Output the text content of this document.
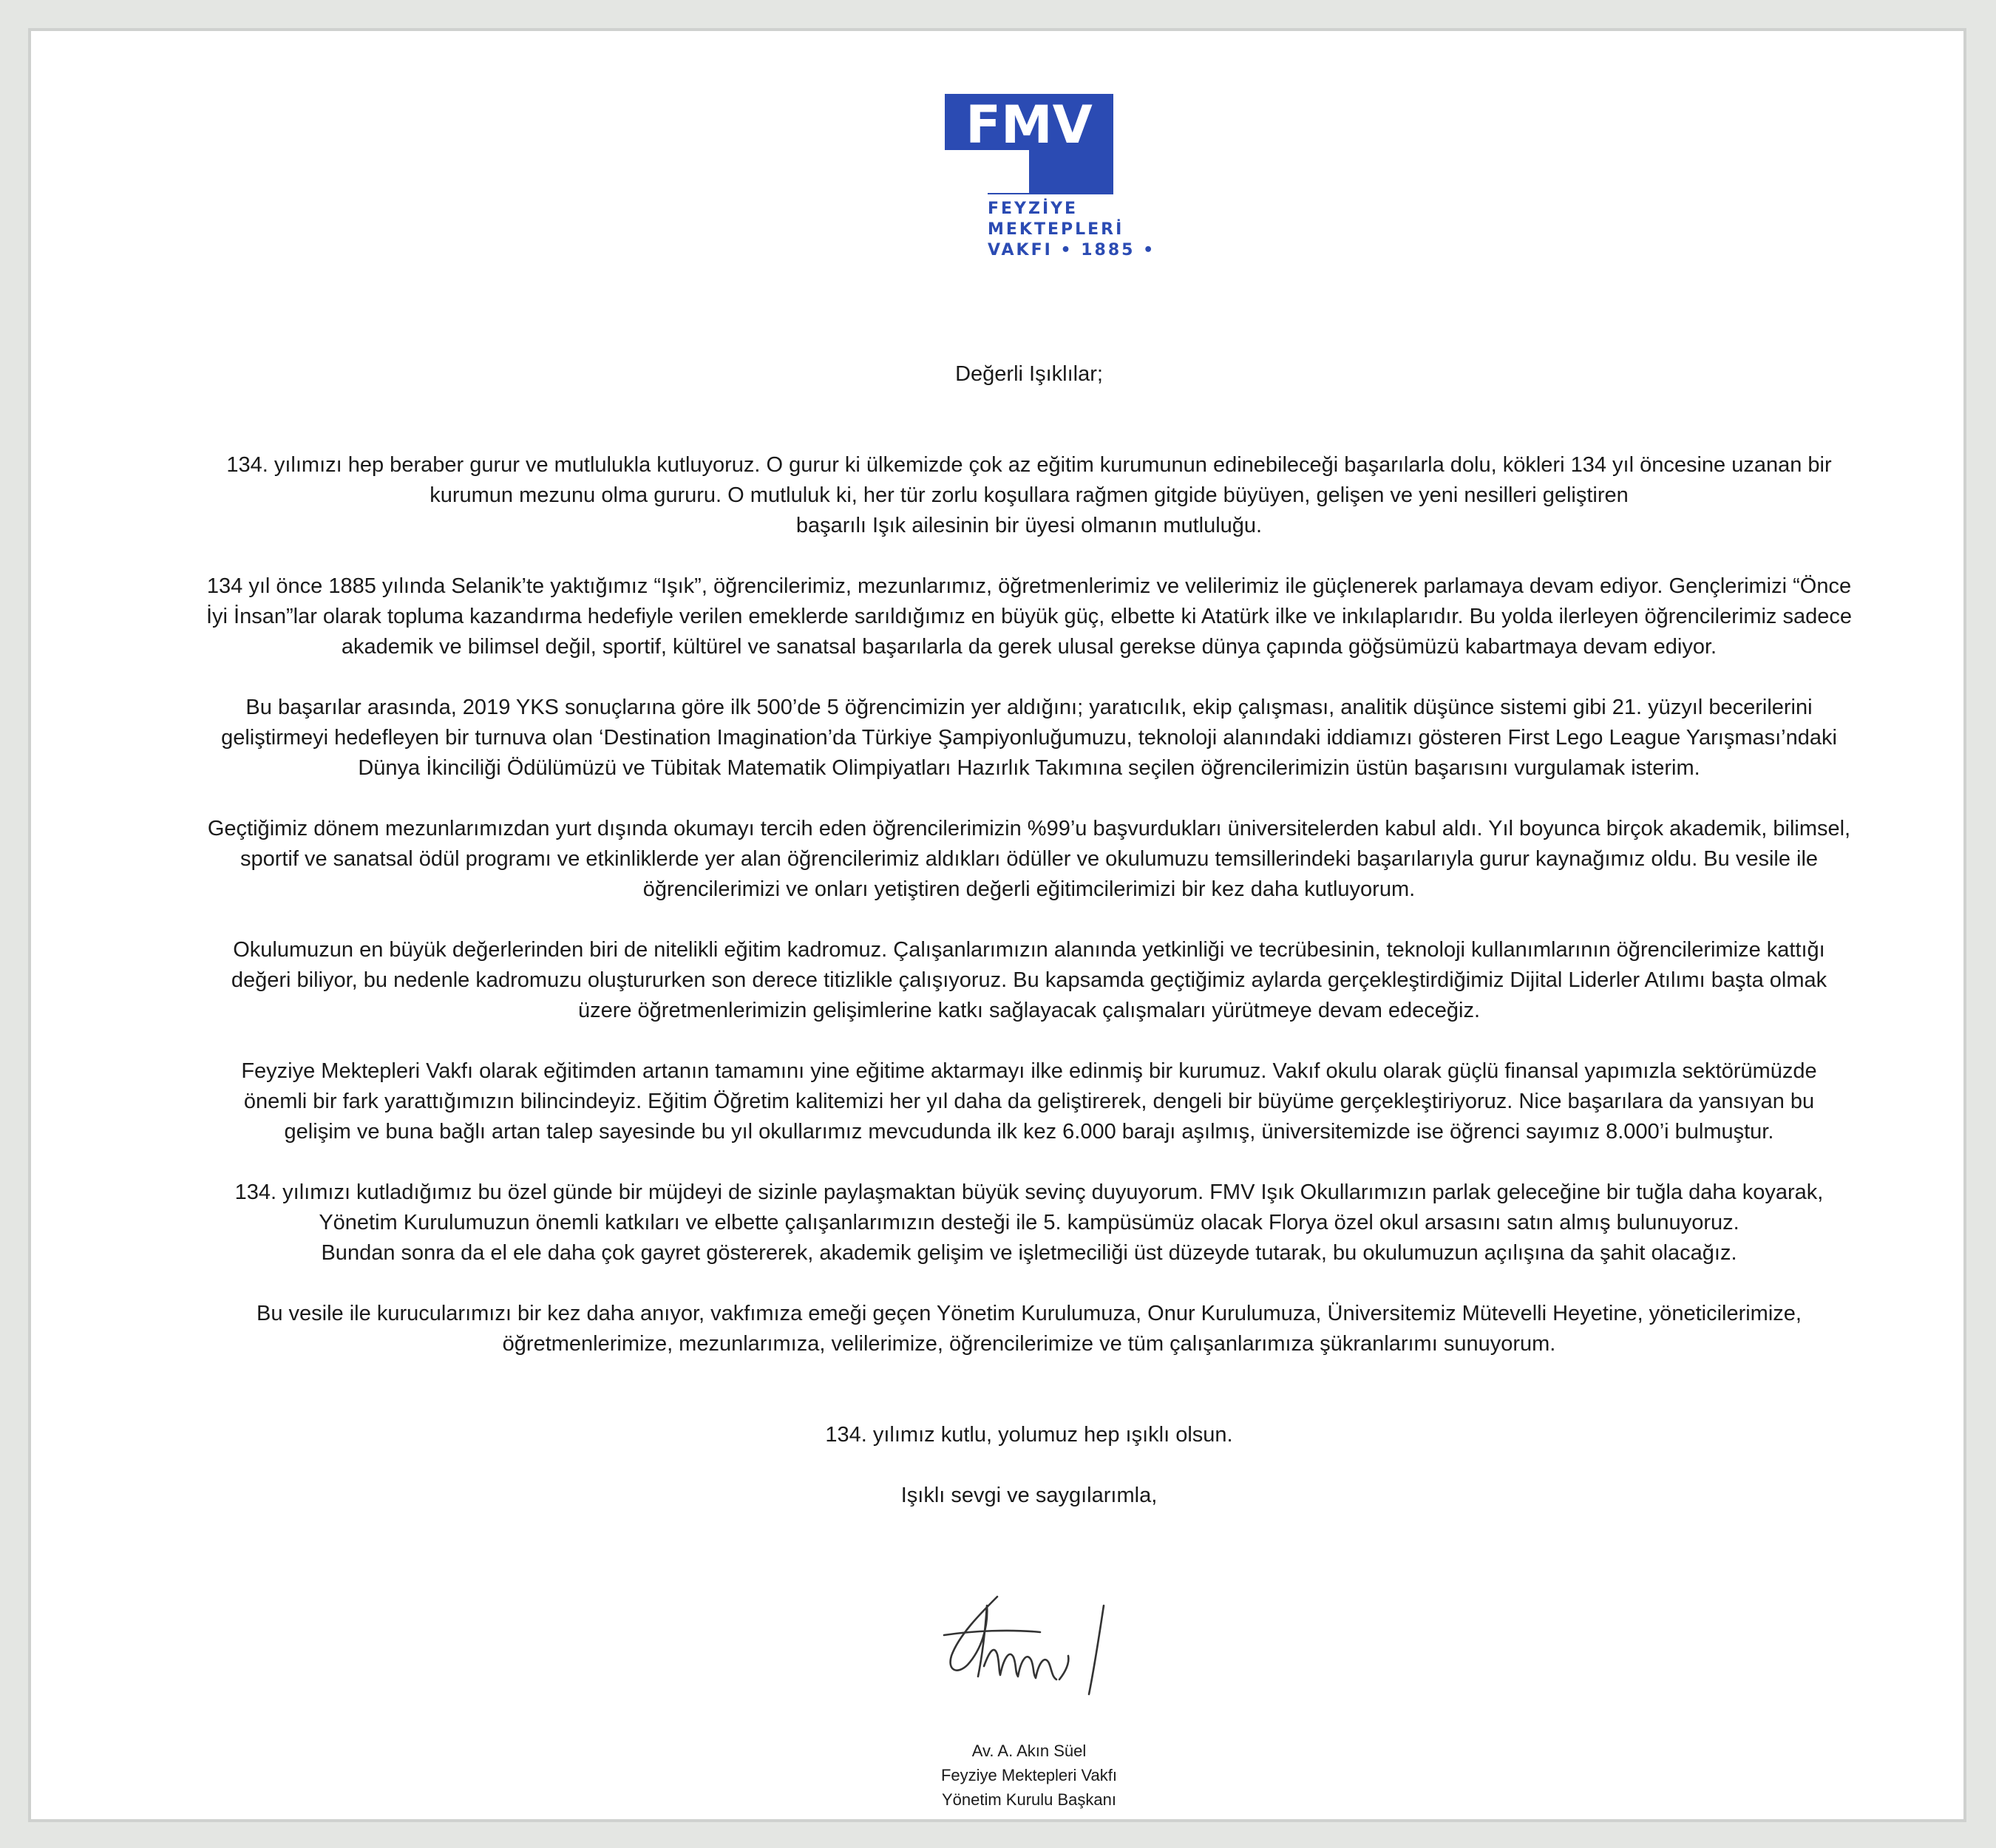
FMV
FEYZİYE
MEKTEPLERİ
VAKFI • 1885 •

Değerli Işıklılar;

134. yılımızı hep beraber gurur ve mutlulukla kutluyoruz. O gurur ki ülkemizde çok az eğitim kurumunun edinebileceği başarılarla dolu, kökleri 134 yıl öncesine uzanan bir

kurumun mezunu olma gururu. O mutluluk ki, her tür zorlu koşullara rağmen gitgide büyüyen, gelişen ve yeni nesilleri geliştiren

başarılı Işık ailesinin bir üyesi olmanın mutluluğu.

134 yıl önce 1885 yılında Selanik’te yaktığımız “Işık”, öğrencilerimiz, mezunlarımız, öğretmenlerimiz ve velilerimiz ile güçlenerek parlamaya devam ediyor. Gençlerimizi “Önce

İyi İnsan”lar olarak topluma kazandırma hedefiyle verilen emeklerde sarıldığımız en büyük güç, elbette ki Atatürk ilke ve inkılaplarıdır. Bu yolda ilerleyen öğrencilerimiz sadece

akademik ve bilimsel değil, sportif, kültürel ve sanatsal başarılarla da gerek ulusal gerekse dünya çapında göğsümüzü kabartmaya devam ediyor.

Bu başarılar arasında, 2019 YKS sonuçlarına göre ilk 500’de 5 öğrencimizin yer aldığını; yaratıcılık, ekip çalışması, analitik düşünce sistemi gibi 21. yüzyıl becerilerini

geliştirmeyi hedefleyen bir turnuva olan ‘Destination Imagination’da Türkiye Şampiyonluğumuzu, teknoloji alanındaki iddiamızı gösteren First Lego League Yarışması’ndaki

Dünya İkinciliği Ödülümüzü ve Tübitak Matematik Olimpiyatları Hazırlık Takımına seçilen öğrencilerimizin üstün başarısını vurgulamak isterim.

Geçtiğimiz dönem mezunlarımızdan yurt dışında okumayı tercih eden öğrencilerimizin %99’u başvurdukları üniversitelerden kabul aldı. Yıl boyunca birçok akademik, bilimsel,

sportif ve sanatsal ödül programı ve etkinliklerde yer alan öğrencilerimiz aldıkları ödüller ve okulumuzu temsillerindeki başarılarıyla gurur kaynağımız oldu. Bu vesile ile

öğrencilerimizi ve onları yetiştiren değerli eğitimcilerimizi bir kez daha kutluyorum.

Okulumuzun en büyük değerlerinden biri de nitelikli eğitim kadromuz. Çalışanlarımızın alanında yetkinliği ve tecrübesinin, teknoloji kullanımlarının öğrencilerimize kattığı

değeri biliyor, bu nedenle kadromuzu oluştururken son derece titizlikle çalışıyoruz. Bu kapsamda geçtiğimiz aylarda gerçekleştirdiğimiz Dijital Liderler Atılımı başta olmak

üzere öğretmenlerimizin gelişimlerine katkı sağlayacak çalışmaları yürütmeye devam edeceğiz.

Feyziye Mektepleri Vakfı olarak eğitimden artanın tamamını yine eğitime aktarmayı ilke edinmiş bir kurumuz. Vakıf okulu olarak güçlü finansal yapımızla sektörümüzde

önemli bir fark yarattığımızın bilincindeyiz. Eğitim Öğretim kalitemizi her yıl daha da geliştirerek, dengeli bir büyüme gerçekleştiriyoruz. Nice başarılara da yansıyan bu

gelişim ve buna bağlı artan talep sayesinde bu yıl okullarımız mevcudunda ilk kez 6.000 barajı aşılmış, üniversitemizde ise öğrenci sayımız 8.000’i bulmuştur.

134. yılımızı kutladığımız bu özel günde bir müjdeyi de sizinle paylaşmaktan büyük sevinç duyuyorum. FMV Işık Okullarımızın parlak geleceğine bir tuğla daha koyarak,

Yönetim Kurulumuzun önemli katkıları ve elbette çalışanlarımızın desteği ile 5. kampüsümüz olacak Florya özel okul arsasını satın almış bulunuyoruz.

Bundan sonra da el ele daha çok gayret göstererek, akademik gelişim ve işletmeciliği üst düzeyde tutarak, bu okulumuzun açılışına da şahit olacağız.

Bu vesile ile kurucularımızı bir kez daha anıyor, vakfımıza emeği geçen Yönetim Kurulumuza, Onur Kurulumuza, Üniversitemiz Mütevelli Heyetine, yöneticilerimize,

öğretmenlerimize, mezunlarımıza, velilerimize, öğrencilerimize ve tüm çalışanlarımıza şükranlarımı sunuyorum.

134. yılımız kutlu, yolumuz hep ışıklı olsun.

Işıklı sevgi ve saygılarımla,

Av. A. Akın Süel
Feyziye Mektepleri Vakfı
Yönetim Kurulu Başkanı
